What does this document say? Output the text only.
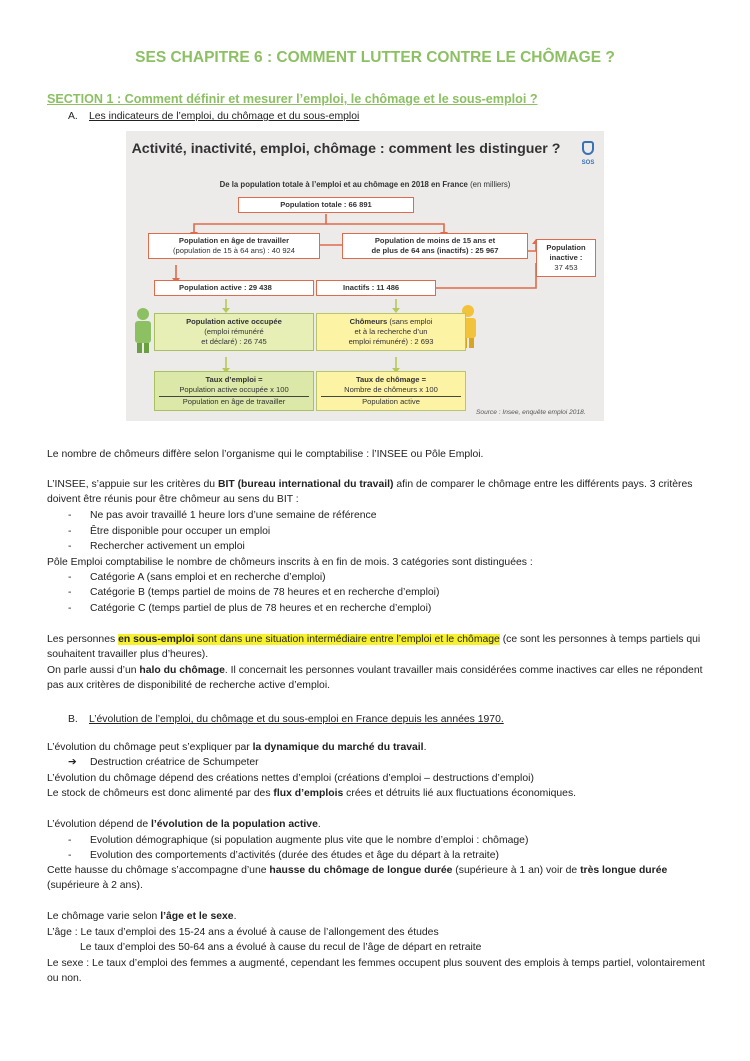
SES CHAPITRE 6 : COMMENT LUTTER CONTRE LE CHÔMAGE ?
SECTION 1 : Comment définir et mesurer l’emploi, le chômage et le sous-emploi ?
A. Les indicateurs de l’emploi, du chômage et du sous-emploi
Activité, inactivité, emploi, chômage : comment les distinguer ?
SOS
De la population totale à l’emploi et au chômage en 2018 en France (en milliers)
Population totale : 66 891
Population en âge de travailler
(population de 15 à 64 ans) : 40 924
Population de moins de 15 ans et
de plus de 64 ans (inactifs) : 25 967	Population inactive :
37 453
Population active : 29 438	Inactifs : 11 486
Population active occupée
(emploi rémunéré
et déclaré) : 26 745
Chômeurs (sans emploi
et à la recherche d’un
emploi rémunéré) : 2 693
Taux d’emploi =
Population active occupée x 100
Population en âge de travailler
Taux de chômage =
Nombre de chômeurs x 100
Population active
Source : Insee, enquête emploi 2018.
Le nombre de chômeurs diffère selon l’organisme qui le comptabilise : l’INSEE ou Pôle Emploi.
L’INSEE, s’appuie sur les critères du BIT (bureau international du travail) afin de comparer le chômage entre les différents pays. 3 critères doivent être réunis pour être chômeur au sens du BIT :
- Ne pas avoir travaillé 1 heure lors d’une semaine de référence
- Être disponible pour occuper un emploi
- Rechercher activement un emploi
Pôle Emploi comptabilise le nombre de chômeurs inscrits à en fin de mois. 3 catégories sont distinguées :
- Catégorie A (sans emploi et en recherche d’emploi)
- Catégorie B (temps partiel de moins de 78 heures et en recherche d’emploi)
- Catégorie C (temps partiel de plus de 78 heures et en recherche d’emploi)
Les personnes en sous-emploi sont dans une situation intermédiaire entre l’emploi et le chômage (ce sont les personnes à temps partiels qui souhaitent travailler plus d’heures).
On parle aussi d’un halo du chômage. Il concernait les personnes voulant travailler mais considérées comme inactives car elles ne répondent pas aux critères de disponibilité de recherche active d’emploi.
B. L’évolution de l’emploi, du chômage et du sous-emploi en France depuis les années 1970.
L’évolution du chômage peut s’expliquer par la dynamique du marché du travail.
➔ Destruction créatrice de Schumpeter
L’évolution du chômage dépend des créations nettes d’emploi (créations d’emploi – destructions d’emploi)
Le stock de chômeurs est donc alimenté par des flux d’emplois crées et détruits lié aux fluctuations économiques.
L’évolution dépend de l’évolution de la population active.
- Evolution démographique (si population augmente plus vite que le nombre d’emploi : chômage)
- Evolution des comportements d’activités (durée des études et âge du départ à la retraite)
Cette hausse du chômage s’accompagne d’une hausse du chômage de longue durée (supérieure à 1 an) voir de très longue durée (supérieure à 2 ans).
Le chômage varie selon l’âge et le sexe.
L’âge : Le taux d’emploi des 15-24 ans a évolué à cause de l’allongement des études
Le taux d’emploi des 50-64 ans a évolué à cause du recul de l’âge de départ en retraite
Le sexe : Le taux d’emploi des femmes a augmenté, cependant les femmes occupent plus souvent des emplois à temps partiel, volontairement ou non.
